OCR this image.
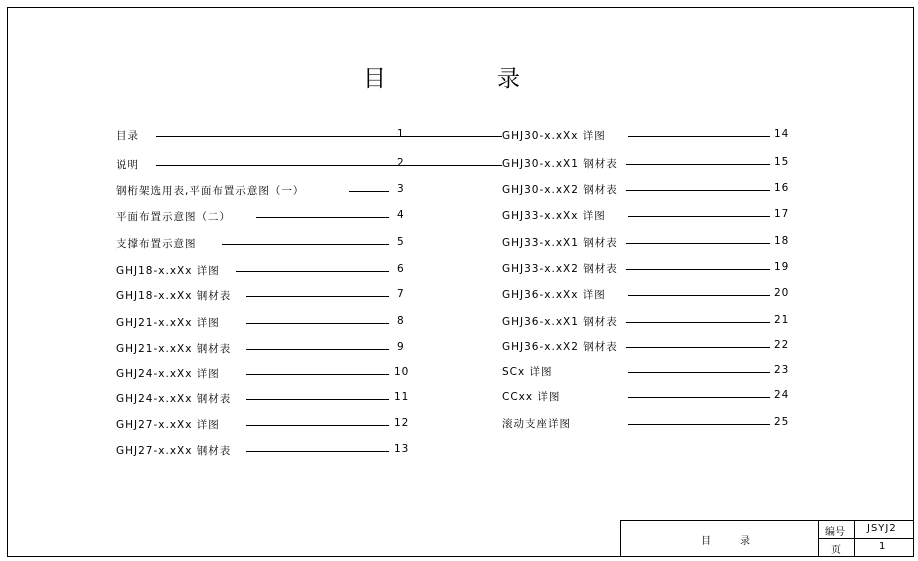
目	录
目录	1
说明	2
钢桁架选用表,平面布置示意图（一）	3
平面布置示意图（二）	4
支撑布置示意图	5
GHJ18-x.xXx 详图	6
GHJ18-x.xXx 钢材表	7
GHJ21-x.xXx 详图	8
GHJ21-x.xXx 钢材表	9
GHJ24-x.xXx 详图	10
GHJ24-x.xXx 钢材表	11
GHJ27-x.xXx 详图	12
GHJ27-x.xXx 钢材表	13
GHJ30-x.xXx 详图	14
GHJ30-x.xX1 钢材表	15
GHJ30-x.xX2 钢材表	16
GHJ33-x.xXx 详图	17
GHJ33-x.xX1 钢材表	18
GHJ33-x.xX2 钢材表	19
GHJ36-x.xXx 详图	20
GHJ36-x.xX1 钢材表	21
GHJ36-x.xX2 钢材表	22
SCx 详图	23
CCxx 详图	24
滚动支座详图	25
目	录
编号 JSYJ2
页	1
